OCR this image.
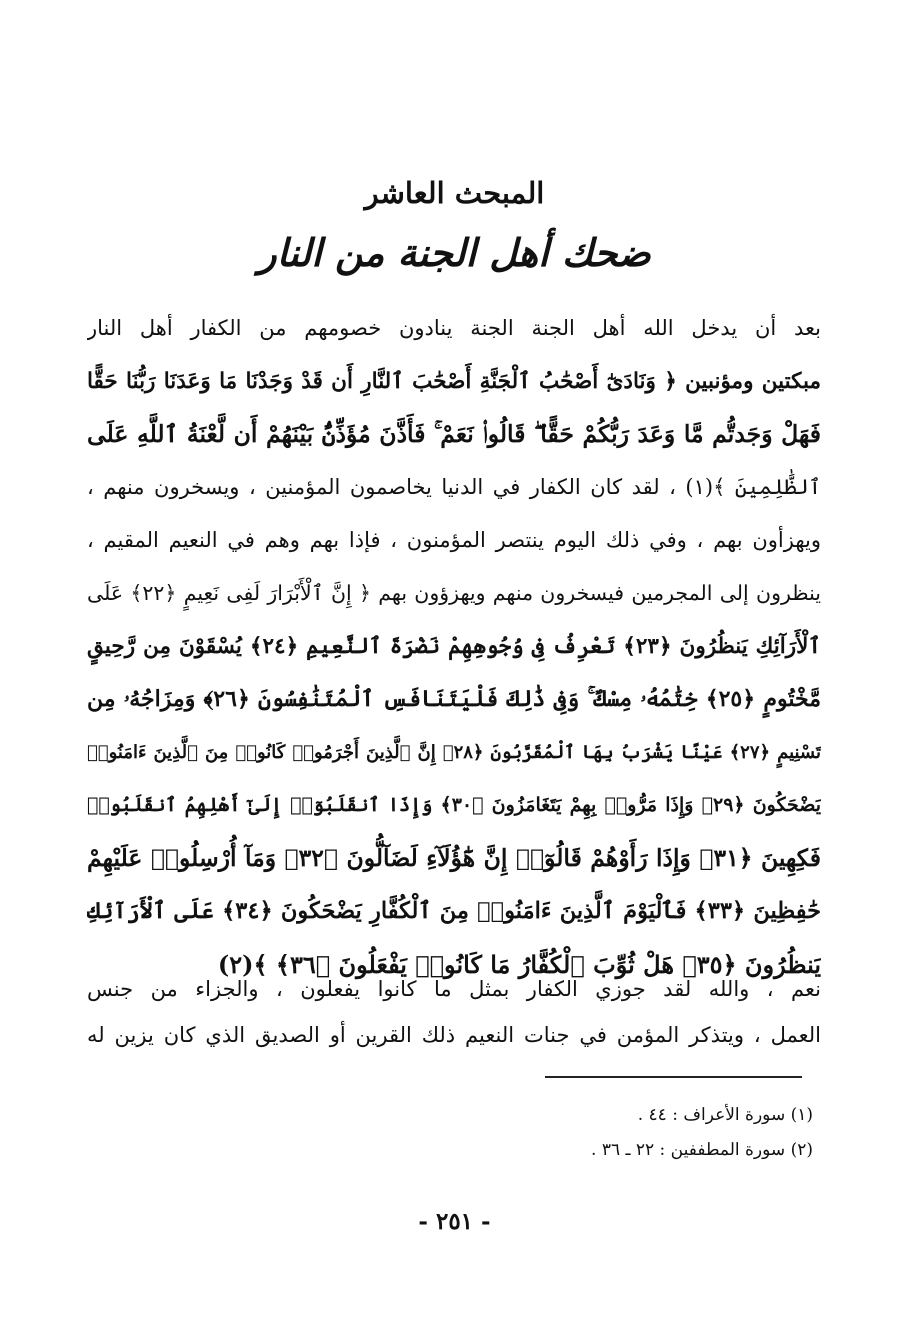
المبحث العاشر
ضحك أهل الجنة من النار
بعد أن يدخل الله أهل الجنة الجنة ينادون خصومهم من الكفار أهل النار
مبكتين ومؤنبين ﴿ وَنَادَىٰٓ أَصْحَٰبُ ٱلْجَنَّةِ أَصْحَٰبَ ٱلنَّارِ أَن قَدْ وَجَدْنَا مَا وَعَدَنَا رَبُّنَا حَقًّا
فَهَلْ وَجَدتُّم مَّا وَعَدَ رَبُّكُمْ حَقًّا ۖ قَالُوا۟ نَعَمْ ۚ فَأَذَّنَ مُؤَذِّنٌۢ بَيْنَهُمْ أَن لَّعْنَةُ ٱللَّهِ عَلَى
ٱلظَّٰلِمِينَ ﴾(١) ، لقد كان الكفار في الدنيا يخاصمون المؤمنين ، ويسخرون منهم ،
ويهزأون بهم ، وفي ذلك اليوم ينتصر المؤمنون ، فإذا بهم وهم في النعيم المقيم ،
ينظرون إلى المجرمين فيسخرون منهم ويهزؤون بهم ﴿ إِنَّ ٱلْأَبْرَارَ لَفِى نَعِيمٍ ﴿٢٢﴾ عَلَى
ٱلْأَرَآئِكِ يَنظُرُونَ ﴿٢٣﴾ تَعْرِفُ فِى وُجُوهِهِمْ نَضْرَةَ ٱلنَّعِيمِ ﴿٢٤﴾ يُسْقَوْنَ مِن رَّحِيقٍ
مَّخْتُومٍ ﴿٢٥﴾ خِتَٰمُهُۥ مِسْكٌ ۚ وَفِى ذَٰلِكَ فَلْيَتَنَافَسِ ٱلْمُتَنَٰفِسُونَ ﴿٢٦﴾ وَمِزَاجُهُۥ مِن
تَسْنِيمٍ ﴿٢٧﴾ عَيْنًا يَشْرَبُ بِهَا ٱلْمُقَرَّبُونَ ﴿٢٨﴾ إِنَّ ٱلَّذِينَ أَجْرَمُوا۟ كَانُوا۟ مِنَ ٱلَّذِينَ ءَامَنُوا۟
يَضْحَكُونَ ﴿٢٩﴾ وَإِذَا مَرُّوا۟ بِهِمْ يَتَغَامَزُونَ ﴿٣٠﴾ وَإِذَا ٱنقَلَبُوٓا۟ إِلَىٰٓ أَهْلِهِمُ ٱنقَلَبُوا۟
فَكِهِينَ ﴿٣١﴾ وَإِذَا رَأَوْهُمْ قَالُوٓا۟ إِنَّ هَٰٓؤُلَآءِ لَضَآلُّونَ ﴿٣٢﴾ وَمَآ أُرْسِلُوا۟ عَلَيْهِمْ
حَٰفِظِينَ ﴿٣٣﴾ فَٱلْيَوْمَ ٱلَّذِينَ ءَامَنُوا۟ مِنَ ٱلْكُفَّارِ يَضْحَكُونَ ﴿٣٤﴾ عَلَى ٱلْأَرَآئِكِ
يَنظُرُونَ ﴿٣٥﴾ هَلْ ثُوِّبَ ٱلْكُفَّارُ مَا كَانُوا۟ يَفْعَلُونَ ﴿٣٦﴾ ﴾(٢)
نعم ، والله لقد جوزي الكفار بمثل ما كانوا يفعلون ، والجزاء من جنس
العمل ، ويتذكر المؤمن في جنات النعيم ذلك القرين أو الصديق الذي كان يزين له
(١) سورة الأعراف : ٤٤ .
(٢) سورة المطففين : ٢٢ ـ ٣٦ .
- ٢٥١ -
